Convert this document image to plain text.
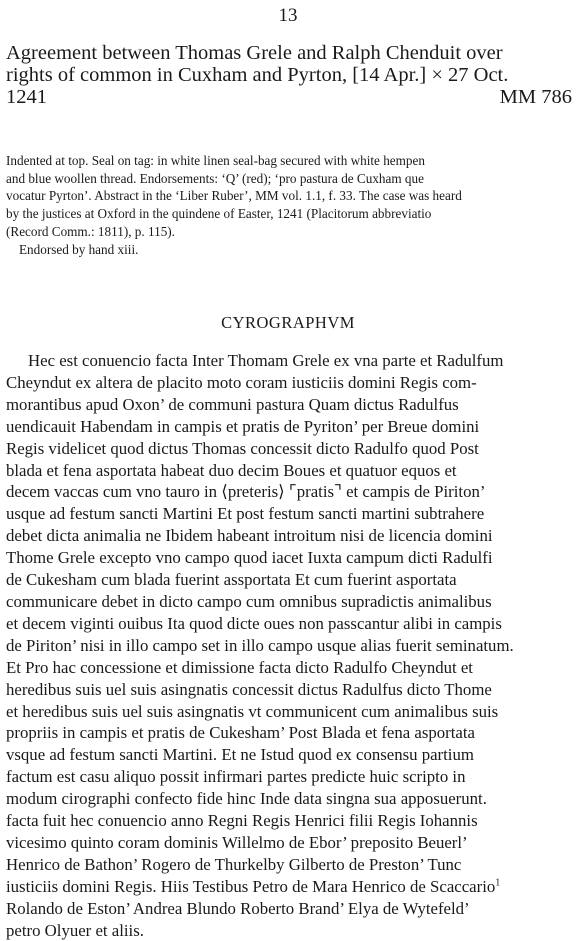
13
Agreement between Thomas Grele and Ralph Chenduit over
rights of common in Cuxham and Pyrton, [14 Apr.] × 27 Oct.
1241	MM 786
Indented at top. Seal on tag: in white linen seal-bag secured with white hempen
and blue woollen thread. Endorsements: ‘Q’ (red); ‘pro pastura de Cuxham que
vocatur Pyrton’. Abstract in the ‘Liber Ruber’, MM vol. 1.1, f. 33. The case was heard
by the justices at Oxford in the quindene of Easter, 1241 (Placitorum abbreviatio
(Record Comm.: 1811), p. 115).
Endorsed by hand xiii.
CYROGRAPHVM
Hec est conuencio facta Inter Thomam Grele ex vna parte et Radulfum
Cheyndut ex altera de placito moto coram iusticiis domini Regis com-
morantibus apud Oxon’ de communi pastura Quam dictus Radulfus
uendicauit Habendam in campis et pratis de Pyriton’ per Breue domini
Regis videlicet quod dictus Thomas concessit dicto Radulfo quod Post
blada et fena asportata habeat duo decim Boues et quatuor equos et
decem vaccas cum vno tauro in ⟨preteris⟩ ⌜pratis⌝ et campis de Piriton’
usque ad festum sancti Martini Et post festum sancti martini subtrahere
debet dicta animalia ne Ibidem habeant introitum nisi de licencia domini
Thome Grele excepto vno campo quod iacet Iuxta campum dicti Radulfi
de Cukesham cum blada fuerint assportata Et cum fuerint asportata
communicare debet in dicto campo cum omnibus supradictis animalibus
et decem viginti ouibus Ita quod dicte oues non passcantur alibi in campis
de Piriton’ nisi in illo campo set in illo campo usque alias fuerit seminatum.
Et Pro hac concessione et dimissione facta dicto Radulfo Cheyndut et
heredibus suis uel suis asingnatis concessit dictus Radulfus dicto Thome
et heredibus suis uel suis asingnatis vt communicent cum animalibus suis
propriis in campis et pratis de Cukesham’ Post Blada et fena asportata
vsque ad festum sancti Martini. Et ne Istud quod ex consensu partium
factum est casu aliquo possit infirmari partes predicte huic scripto in
modum cirographi confecto fide hinc Inde data singna sua apposuerunt.
facta fuit hec conuencio anno Regni Regis Henrici filii Regis Iohannis
vicesimo quinto coram dominis Willelmo de Ebor’ preposito Beuerl’
Henrico de Bathon’ Rogero de Thurkelby Gilberto de Preston’ Tunc
iusticiis domini Regis. Hiis Testibus Petro de Mara Henrico de Scaccario$^1$
Rolando de Eston’ Andrea Blundo Roberto Brand’ Elya de Wytefeld’
petro Olyuer et aliis.
